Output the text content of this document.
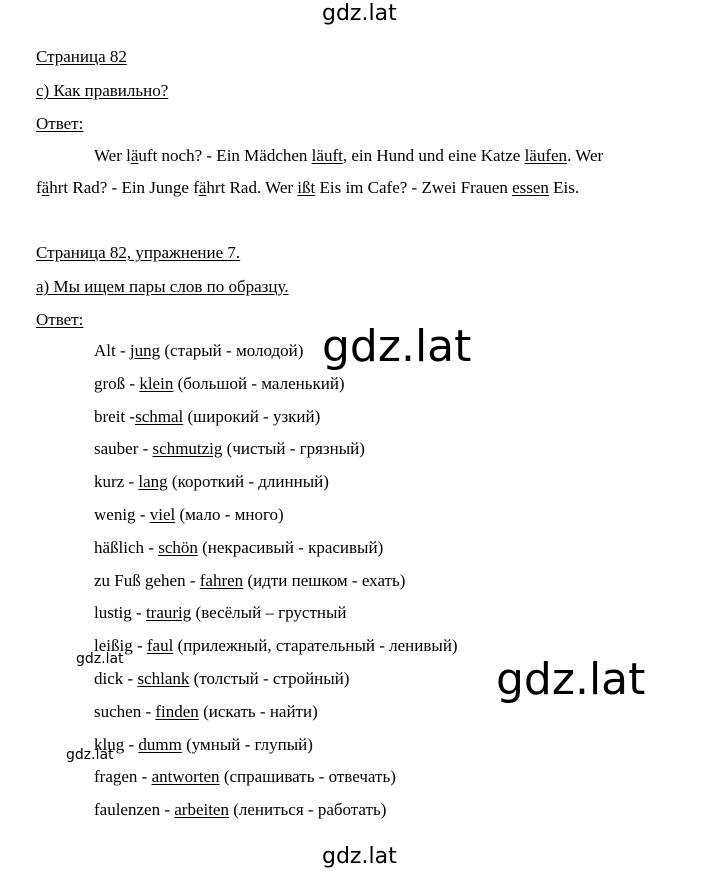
gdz.lat
gdz.lat
gdz.lat
gdz.lat
gdz.lat
gdz.lat
Страница 82
c) Как правильно?
Ответ:
Wer läuft noch? - Ein Mädchen läuft, ein Hund und eine Katze läufen. Wer
fährt Rad? - Ein Junge fährt Rad. Wer ißt Eis im Cafe? - Zwei Frauen essen Eis.
Страница 82, упражнение 7.
а) Мы ищем пары слов по образцу.
Ответ:
Alt - jung (старый - молодой)
groß - klein (большой - маленький)
breit -schmal (широкий - узкий)
sauber - schmutzig (чистый - грязный)
kurz - lang (короткий - длинный)
wenig - viel (мало - много)
häßlich - schön (некрасивый - красивый)
zu Fuß gehen - fahren (идти пешком - ехать)
lustig - traurig (весёлый – грустный
leißig - faul (прилежный, старательный - ленивый)
dick - schlank (толстый - стройный)
suchen - finden (искать - найти)
klug - dumm (умный - глупый)
fragen - antworten (спрашивать - отвечать)
faulenzen - arbeiten (лениться - работать)
